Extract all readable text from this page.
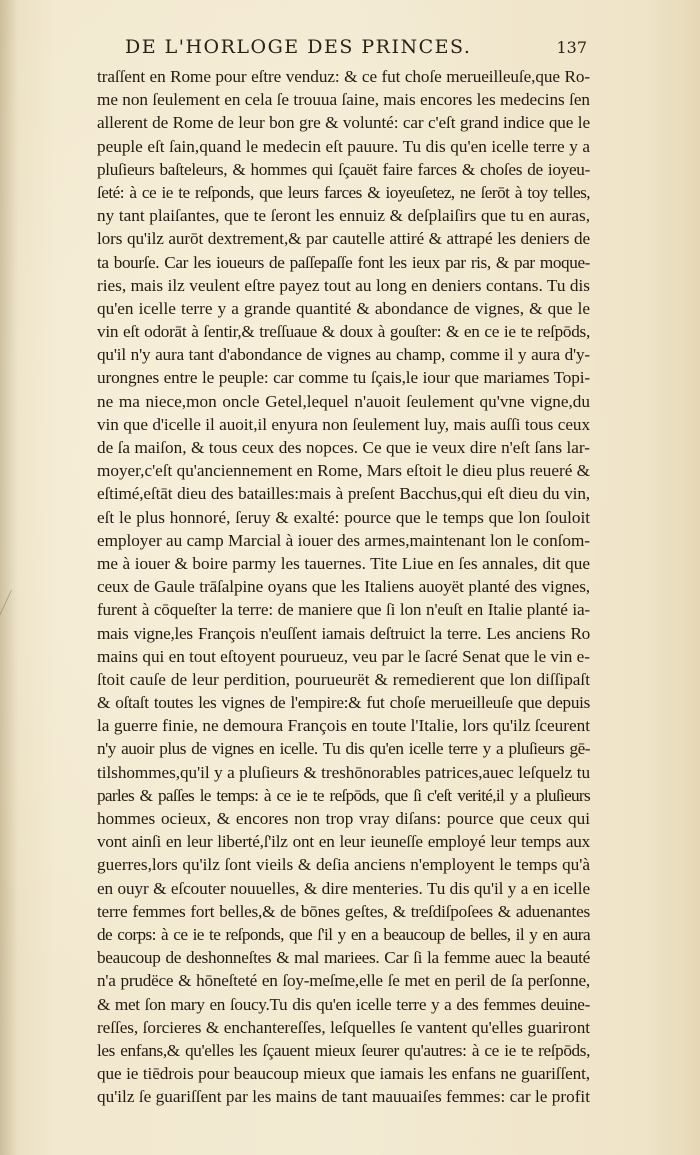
DE L'HORLOGE DES PRINCES.	137
traſſent en Rome pour eſtre venduz: & ce fut choſe merueilleuſe,que Ro-
me non ſeulement en cela ſe trouua ſaine, mais encores les medecins ſen
allerent de Rome de leur bon gre & volunté: car c'eſt grand indice que le
peuple eſt ſain,quand le medecin eſt pauure. Tu dis qu'en icelle terre y a
pluſieurs baſteleurs, & hommes qui ſçauët faire farces & choſes de ioyeu-
ſeté: à ce ie te reſponds, que leurs farces & ioyeuſetez, ne ſerōt à toy telles,
ny tant plaiſantes, que te ſeront les ennuiz & deſplaiſirs que tu en auras,
lors qu'ilz aurōt dextrement,& par cautelle attiré & attrapé les deniers de
ta bourſe. Car les ioueurs de paſſepaſſe font les ieux par ris, & par moque-
ries, mais ilz veulent eſtre payez tout au long en deniers contans. Tu dis
qu'en icelle terre y a grande quantité & abondance de vignes, & que le
vin eſt odorāt à ſentir,& treſſuaue & doux à gouſter: & en ce ie te reſpōds,
qu'il n'y aura tant d'abondance de vignes au champ, comme il y aura d'y-
urongnes entre le peuple: car comme tu ſçais,le iour que mariames Topi-
ne ma niece,mon oncle Getel,lequel n'auoit ſeulement qu'vne vigne,du
vin que d'icelle il auoit,il enyura non ſeulement luy, mais auſſi tous ceux
de ſa maiſon, & tous ceux des nopces. Ce que ie veux dire n'eſt ſans lar-
moyer,c'eſt qu'anciennement en Rome, Mars eſtoit le dieu plus reueré &
eſtimé,eſtāt dieu des batailles:mais à preſent Bacchus,qui eſt dieu du vin,
eſt le plus honnoré, ſeruy & exalté: pource que le temps que lon ſouloit
employer au camp Marcial à iouer des armes,maintenant lon le conſom-
me à iouer & boire parmy les tauernes. Tite Liue en ſes annales, dit que
ceux de Gaule trāſalpine oyans que les Italiens auoyët planté des vignes,
furent à cōqueſter la terre: de maniere que ſi lon n'euſt en Italie planté ia-
mais vigne,les François n'euſſent iamais deſtruict la terre. Les anciens Ro
mains qui en tout eſtoyent pourueuz, veu par le ſacré Senat que le vin e-
ſtoit cauſe de leur perdition, pourueurët & remedierent que lon diſſipaſt
& oſtaſt toutes les vignes de l'empire:& fut choſe merueilleuſe que depuis
la guerre finie, ne demoura François en toute l'Italie, lors qu'ilz ſceurent
n'y auoir plus de vignes en icelle. Tu dis qu'en icelle terre y a pluſieurs gē-
tilshommes,qu'il y a pluſieurs & treshōnorables patrices,auec leſquelz tu
parles & paſſes le temps: à ce ie te reſpōds, que ſi c'eſt verité,il y a pluſieurs
hommes ocieux, & encores non trop vray diſans: pource que ceux qui
vont ainſi en leur liberté,ſ'ilz ont en leur ieuneſſe employé leur temps aux
guerres,lors qu'ilz ſont vieils & deſia anciens n'employent le temps qu'à
en ouyr & eſcouter nouuelles, & dire menteries. Tu dis qu'il y a en icelle
terre femmes fort belles,& de bōnes geſtes, & treſdiſpoſees & aduenantes
de corps: à ce ie te reſponds, que ſ'il y en a beaucoup de belles, il y en aura
beaucoup de deshonneſtes & mal mariees. Car ſi la femme auec la beauté
n'a prudëce & hōneſteté en ſoy-meſme,elle ſe met en peril de ſa perſonne,
& met ſon mary en ſoucy.Tu dis qu'en icelle terre y a des femmes deuine-
reſſes, ſorcieres & enchantereſſes, leſquelles ſe vantent qu'elles guariront
les enfans,& qu'elles les ſçauent mieux ſeurer qu'autres: à ce ie te reſpōds,
que ie tiēdrois pour beaucoup mieux que iamais les enfans ne guariſſent,
qu'ilz ſe guariſſent par les mains de tant mauuaiſes femmes: car le profit
